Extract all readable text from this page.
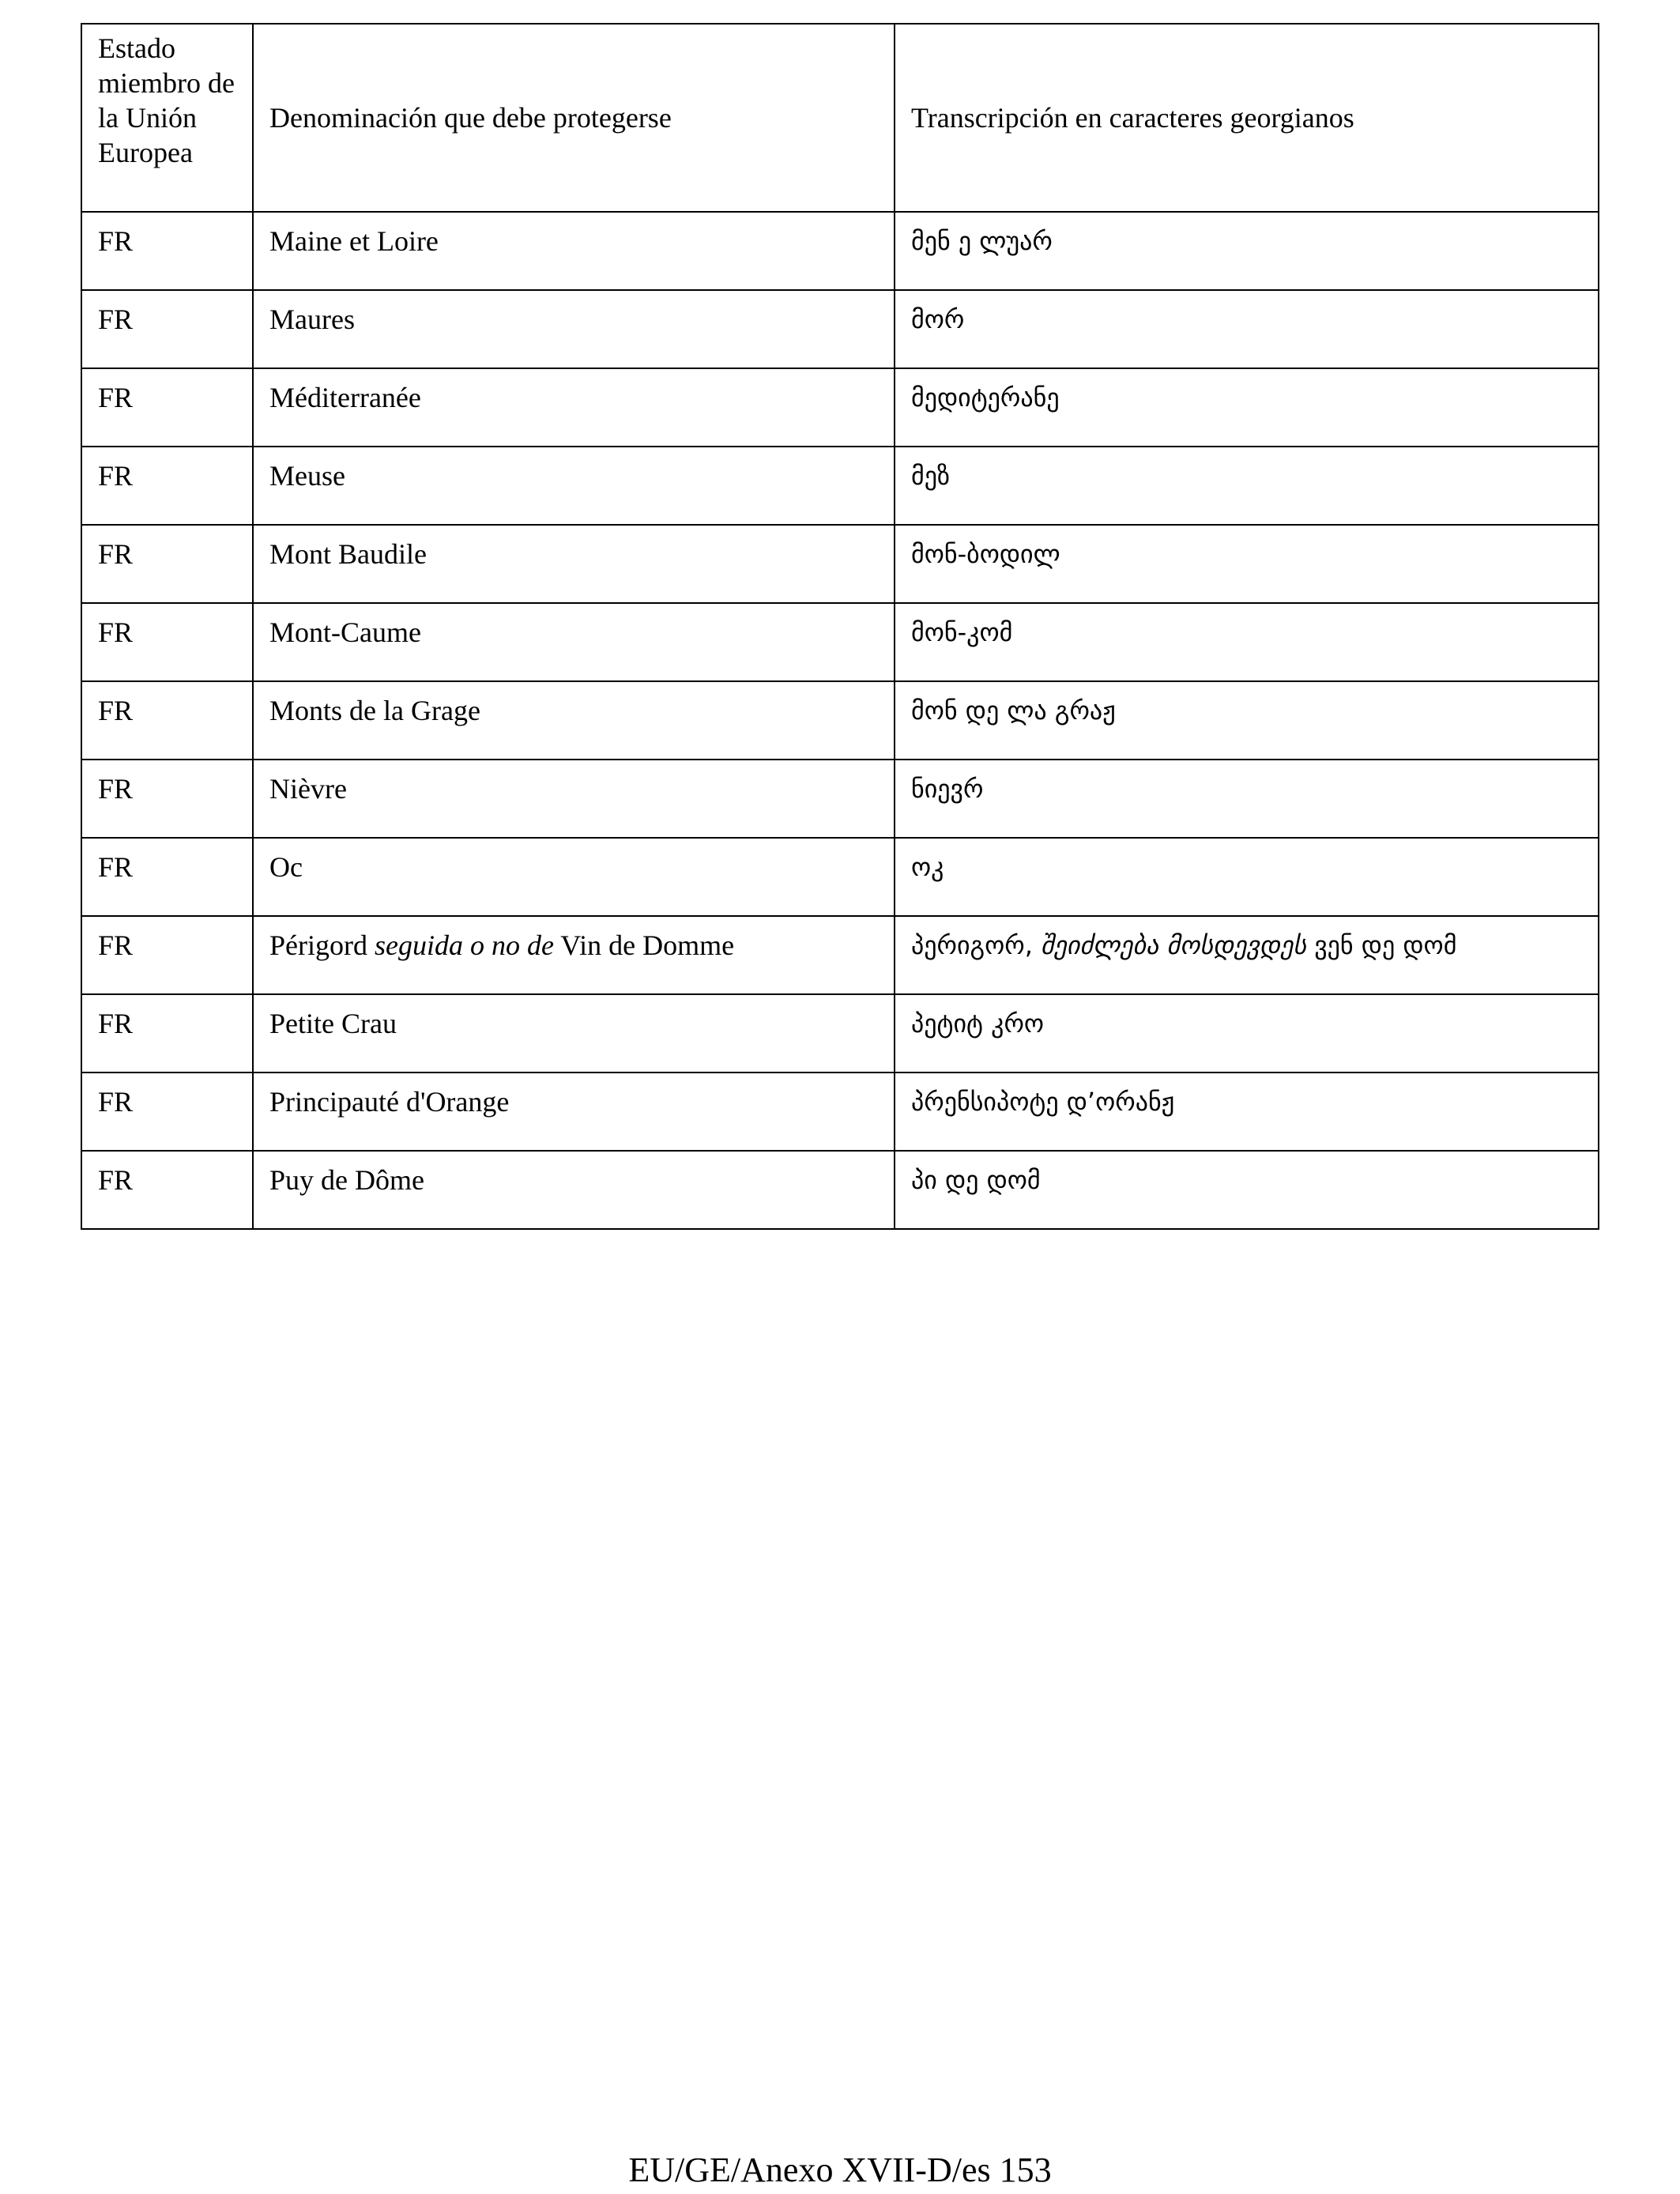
Estado miembro de la Unión Europea	Denominación que debe protegerse	Transcripción en caracteres georgianos
FR	Maine et Loire	მენ ე ლუარ
FR	Maures	მორ
FR	Méditerranée	მედიტერანე
FR	Meuse	მეზ
FR	Mont Baudile	მონ-ბოდილ
FR	Mont-Caume	მონ-კომ
FR	Monts de la Grage	მონ დე ლა გრაჟ
FR	Nièvre	ნიევრ
FR	Oc	ოკ
FR	Périgord seguida o no de Vin de Domme	პერიგორ, შეიძლება მოსდევდეს ვენ დე დომ
FR	Petite Crau	პეტიტ კრო
FR	Principauté d'Orange	პრენსიპოტე დ’ორანჟ
FR	Puy de Dôme	პი დე დომ
EU/GE/Anexo XVII-D/es 153
